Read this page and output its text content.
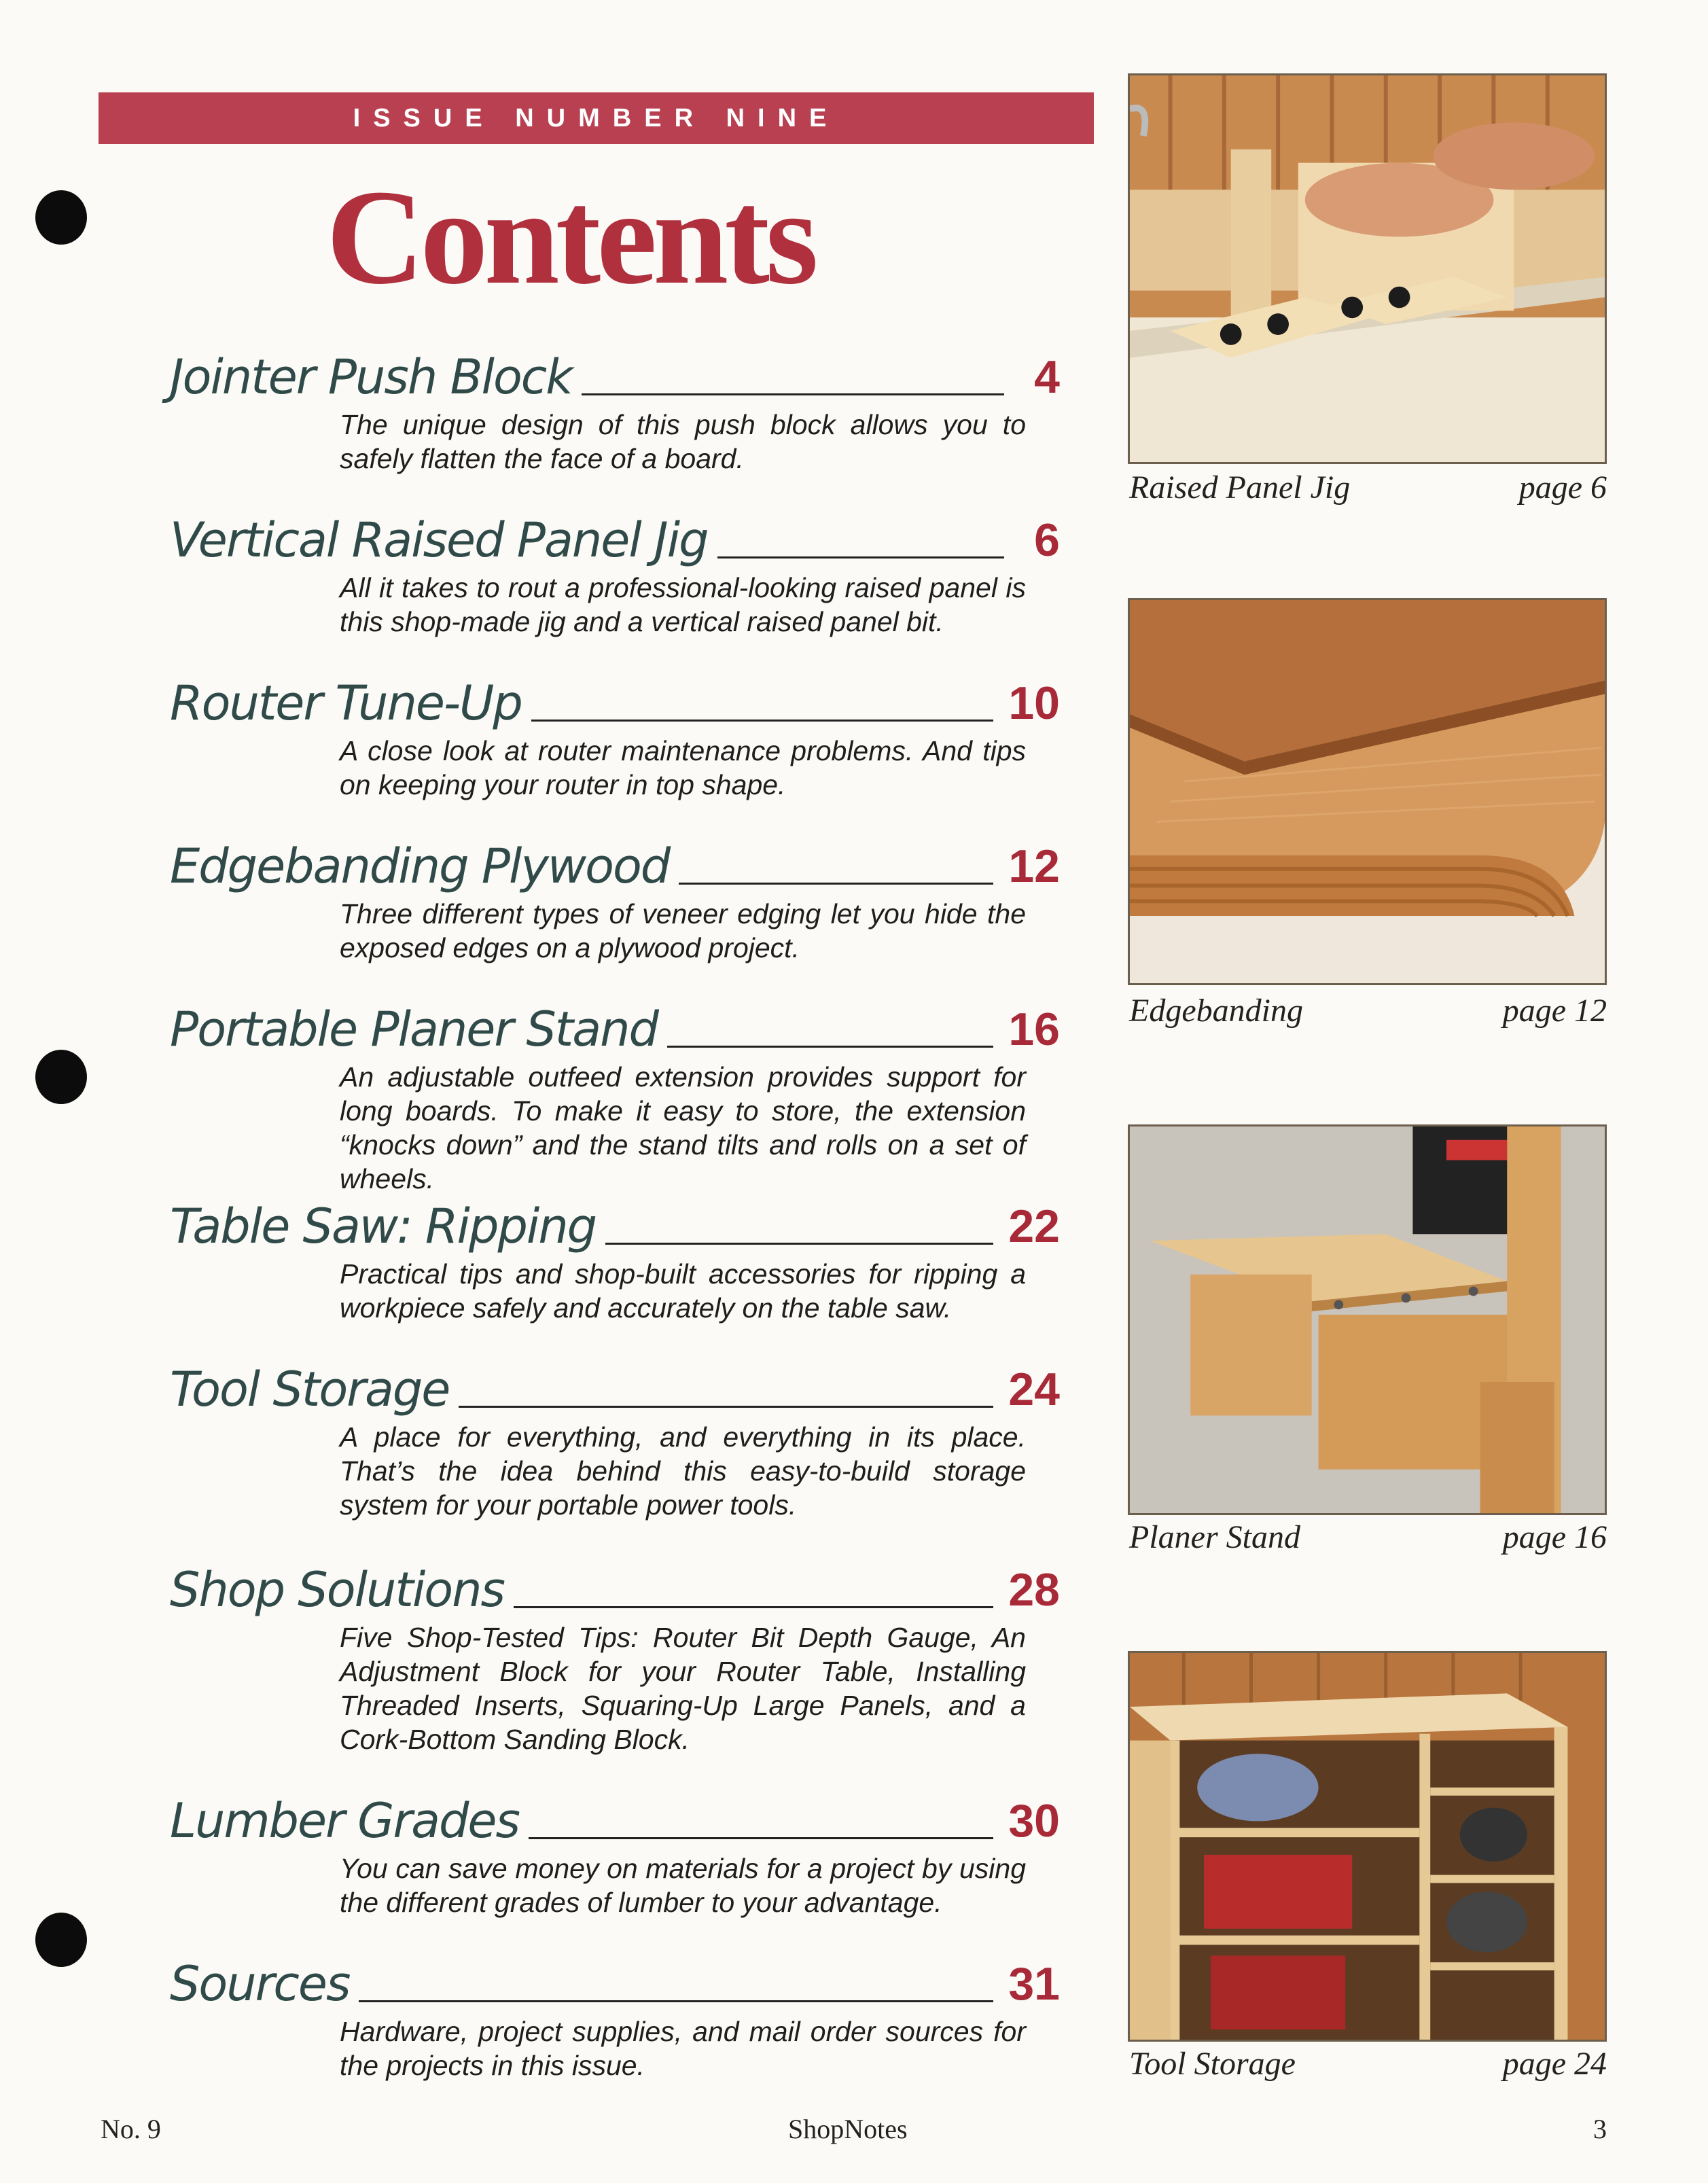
ISSUE NUMBER NINE
Contents
Jointer Push Block	4
The unique design of this push block allows you to safely flatten the face of a board.
Vertical Raised Panel Jig	6
All it takes to rout a professional-looking raised panel is this shop-made jig and a vertical raised panel bit.
Router Tune-Up	10
A close look at router maintenance problems. And tips on keeping your router in top shape.
Edgebanding Plywood	12
Three different types of veneer edging let you hide the exposed edges on a plywood project.
Portable Planer Stand	16
An adjustable outfeed extension provides support for long boards. To make it easy to store, the extension “knocks down” and the stand tilts and rolls on a set of wheels.
Table Saw: Ripping	22
Practical tips and shop-built accessories for ripping a workpiece safely and accurately on the table saw.
Tool Storage	24
A place for everything, and everything in its place. That’s the idea behind this easy-to-build storage system for your portable power tools.
Shop Solutions	28
Five Shop-Tested Tips: Router Bit Depth Gauge, An Adjustment Block for your Router Table, Installing Threaded Inserts, Squaring-Up Large Panels, and a Cork-Bottom Sanding Block.
Lumber Grades	30
You can save money on materials for a project by using the different grades of lumber to your advantage.
Sources	31
Hardware, project supplies, and mail order sources for the projects in this issue.
Raised Panel Jig	page 6
Edgebanding	page 12
Planer Stand	page 16
Tool Storage	page 24
No. 9	ShopNotes	3
